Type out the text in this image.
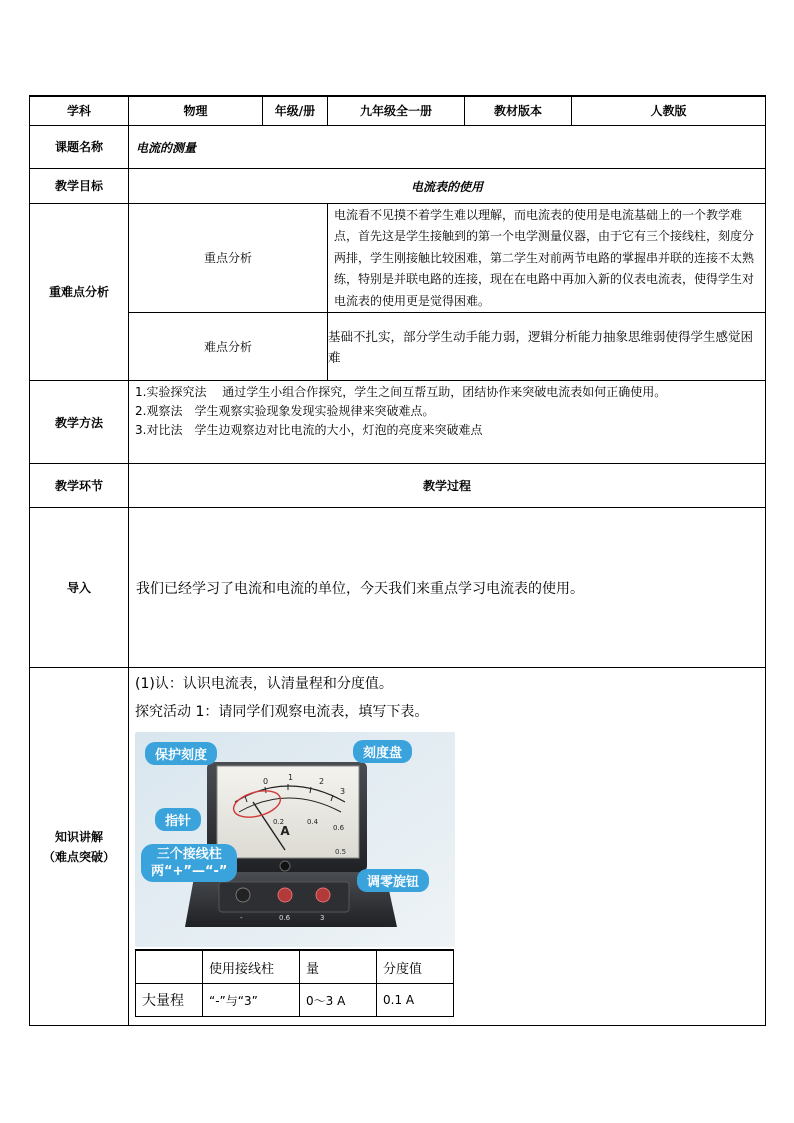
学科	物理	年级/册	九年级全一册	教材版本	人教版
课题名称	电流的测量
教学目标	电流表的使用
重难点分析	重点分析	电流看不见摸不着学生难以理解，而电流表的使用是电流基础上的一个教学难点，首先这是学生接触到的第一个电学测量仪器，由于它有三个接线柱，刻度分两排，学生刚接触比较困难，第二学生对前两节电路的掌握串并联的连接不太熟练，特别是并联电路的连接，现在在电路中再加入新的仪表电流表，使得学生对电流表的使用更是觉得困难。
难点分析	基础不扎实，部分学生动手能力弱，逻辑分析能力抽象思维弱使得学生感觉困难
教学方法	
1.实验探究法　 通过学生小组合作探究，学生之间互帮互助，团结协作来突破电流表如何正确使用。
2.观察法　学生观察实验现象发现实验规律来突破难点。
3.对比法　学生边观察边对比电流的大小，灯泡的亮度来突破难点

教学环节	教学过程
导入	我们已经学习了电流和电流的单位，今天我们来重点学习电流表的使用。

知识讲解
（难点突破）

(1)认：认识电流表，认清量程和分度值。
探究活动 1：请同学们观察电流表，填写下表。
0 1	2
3
0.2	0.4
0.6
A
0.5
-	0.6	3
保护刻度	刻度盘
指针
三个接线柱
两“+”—“-”
调零旋钮
	使用接线柱	量	分度值
大量程	“-”与“3”	0～3 A	0.1 A
